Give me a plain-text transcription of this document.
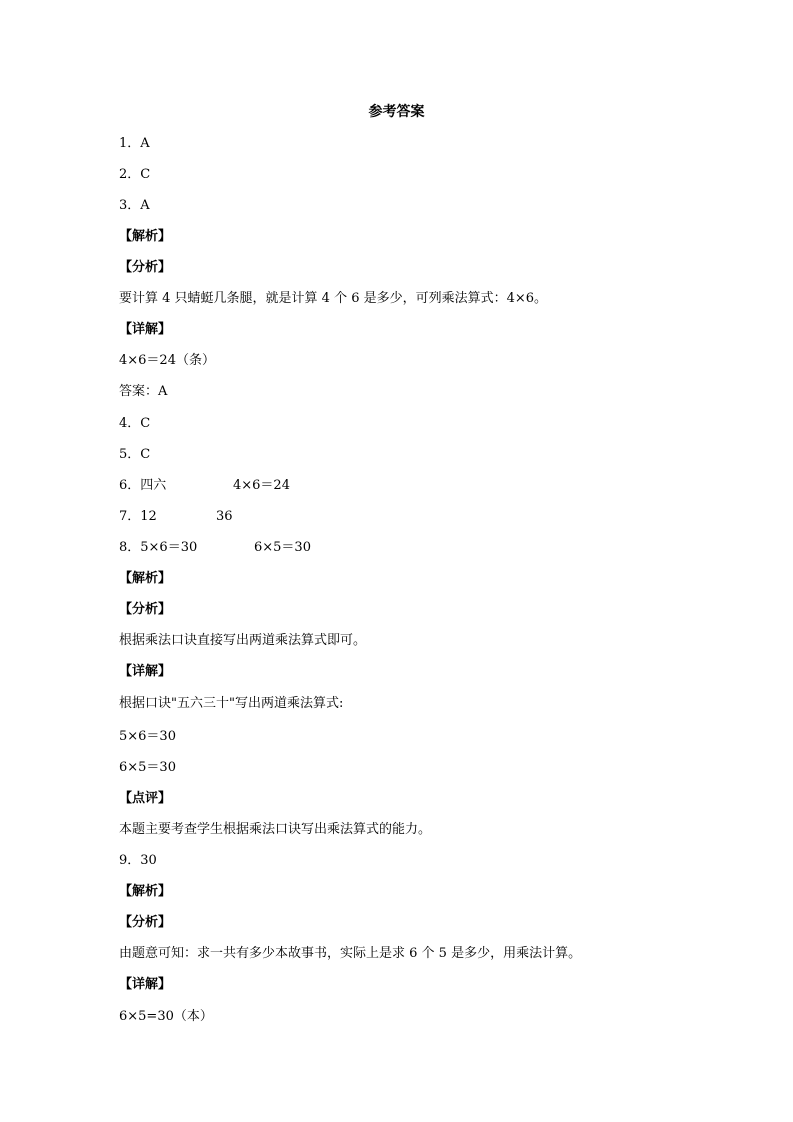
参考答案
1．A
2．C
3．A
【解析】
【分析】
要计算 4 只蜻蜓几条腿，就是计算 4 个 6 是多少，可列乘法算式：4×6。
【详解】
4×6＝24（条）
答案：A
4．C
5．C
6．四六	4×6＝24
7．12	36
8．5×6＝30	6×5＝30
【解析】
【分析】
根据乘法口诀直接写出两道乘法算式即可。
【详解】
根据口诀"五六三十"写出两道乘法算式:
5×6＝30
6×5＝30
【点评】
本题主要考查学生根据乘法口诀写出乘法算式的能力。
9．30
【解析】
【分析】
由题意可知：求一共有多少本故事书，实际上是求 6 个 5 是多少，用乘法计算。
【详解】
6×5=30（本）
